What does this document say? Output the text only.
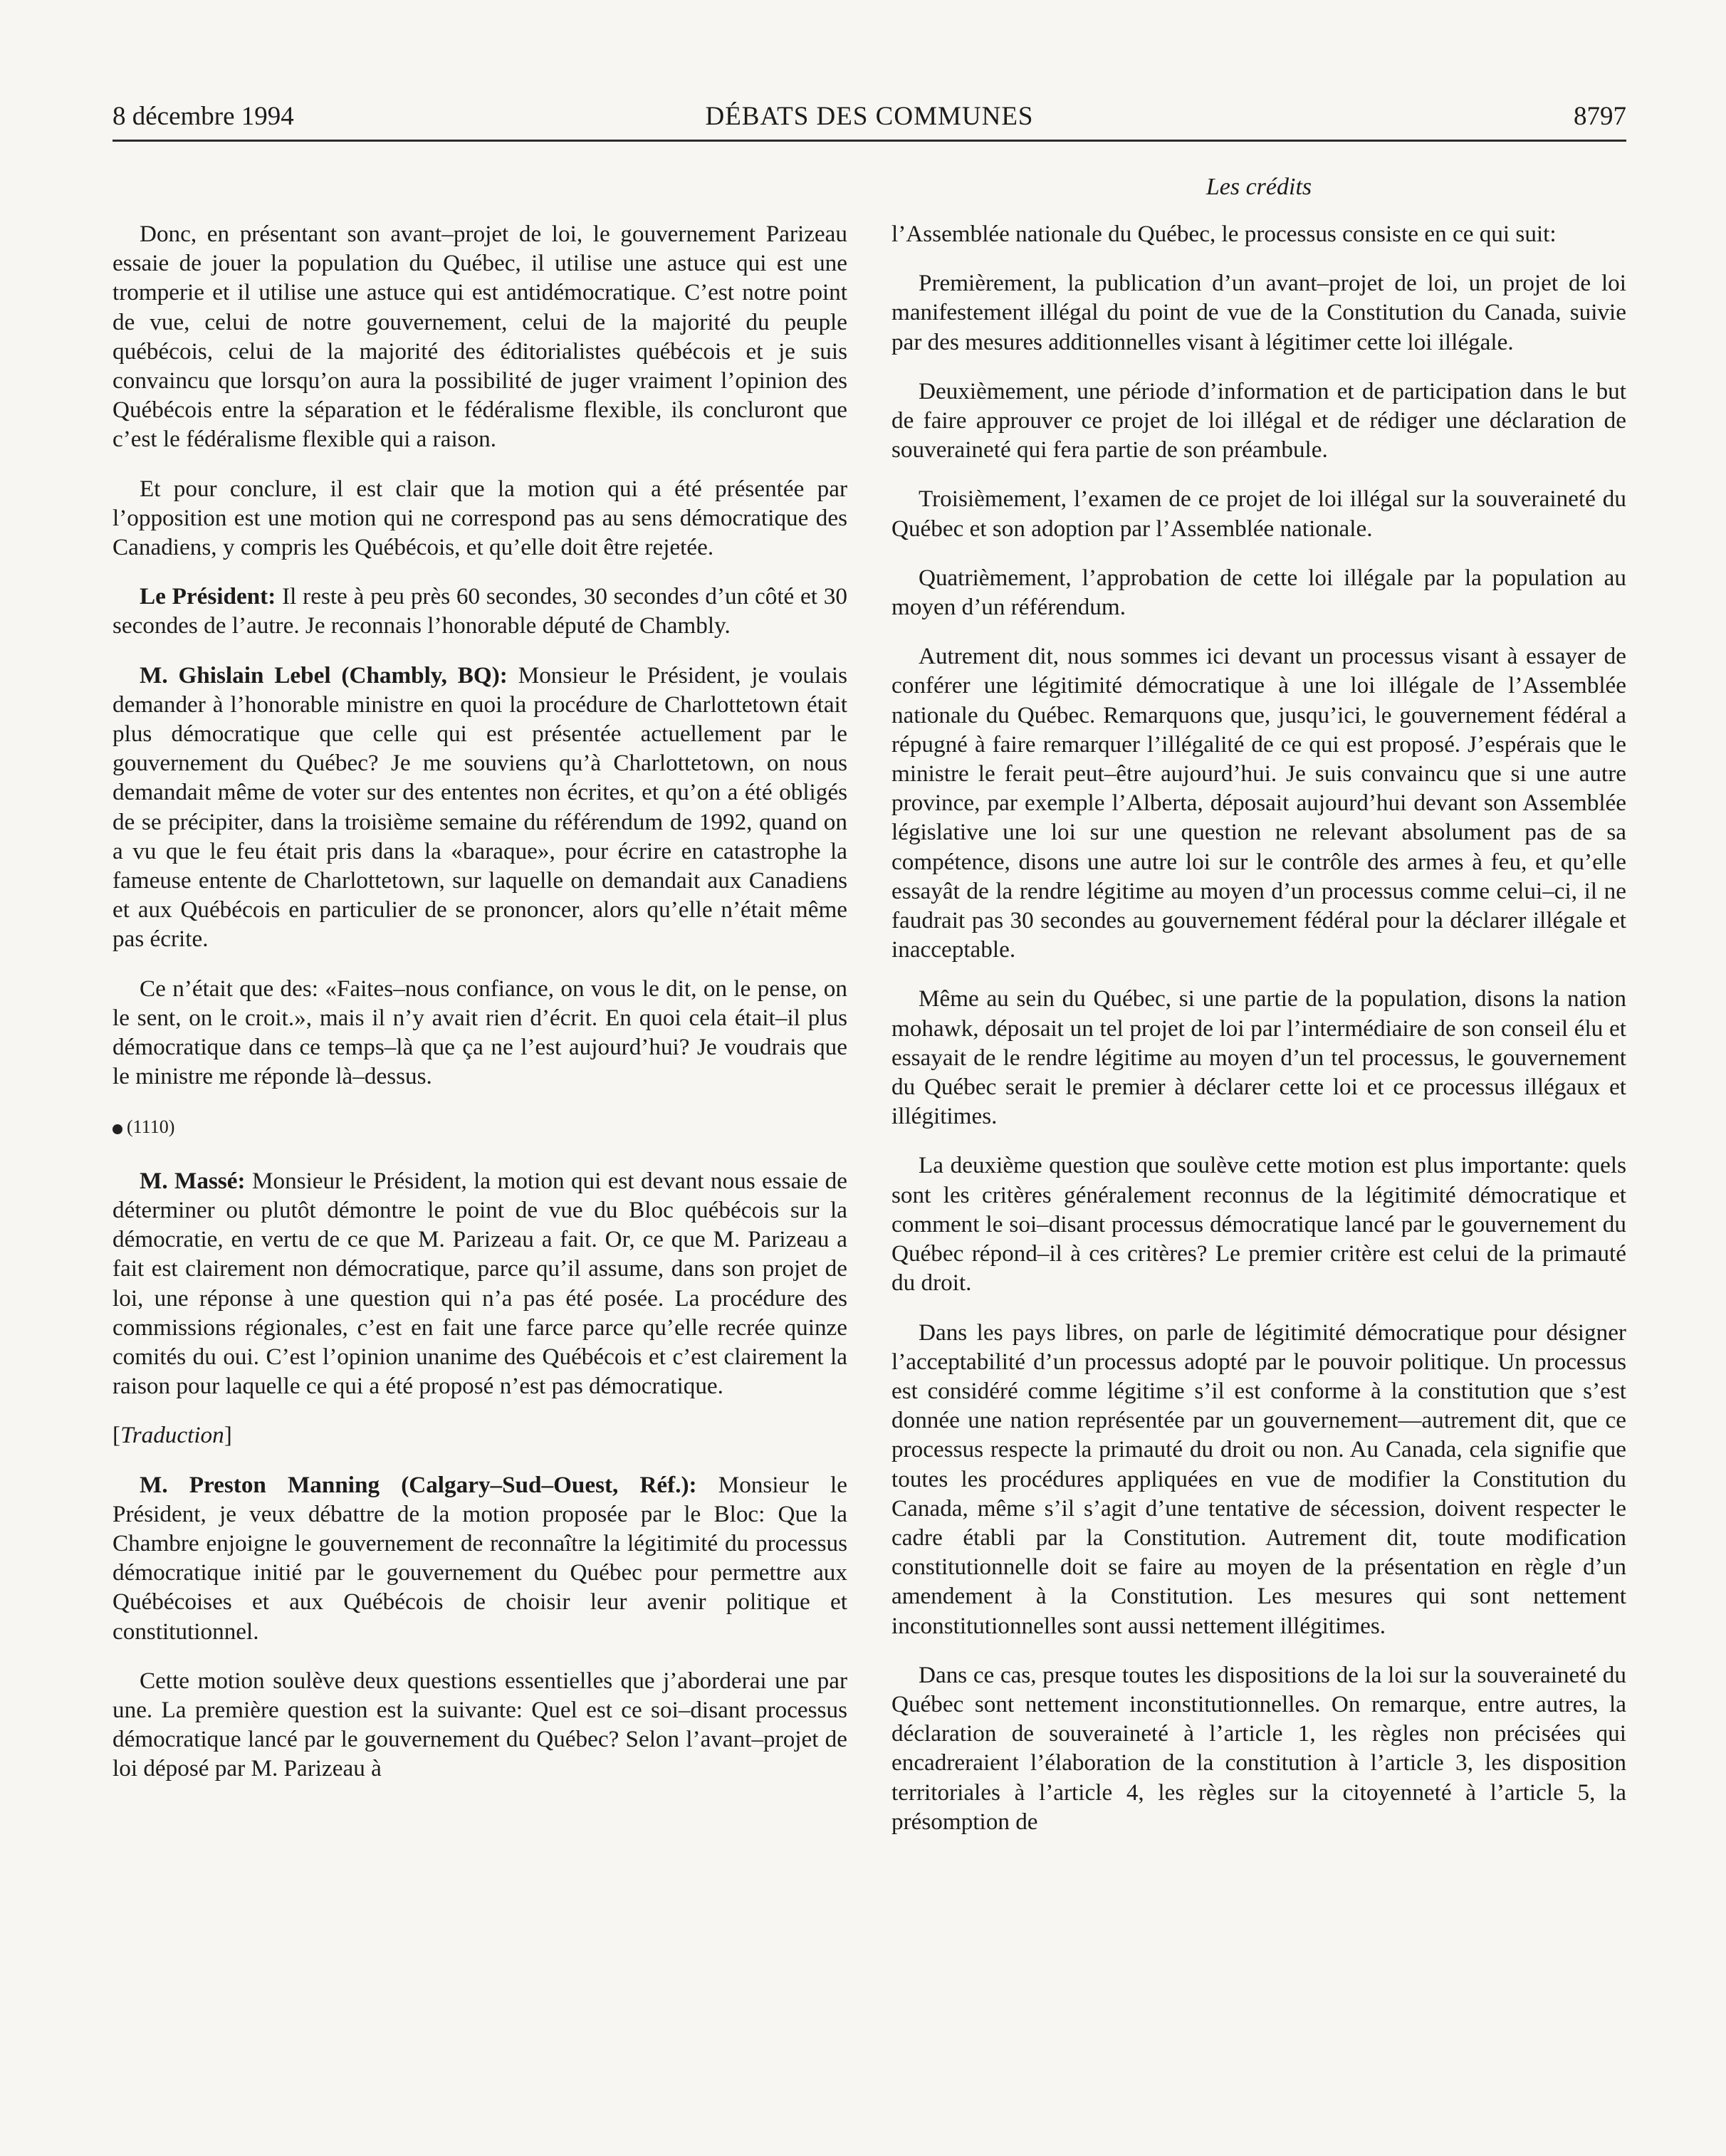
8 décembre 1994	DÉBATS DES COMMUNES	8797
Les crédits

Donc, en présentant son avant–projet de loi, le gouvernement Parizeau essaie de jouer la population du Québec, il utilise une astuce qui est une tromperie et il utilise une astuce qui est antidémocratique. C’est notre point de vue, celui de notre gouvernement, celui de la majorité du peuple québécois, celui de la majorité des éditorialistes québécois et je suis convaincu que lorsqu’on aura la possibilité de juger vraiment l’opinion des Québécois entre la séparation et le fédéralisme flexible, ils concluront que c’est le fédéralisme flexible qui a raison.

Et pour conclure, il est clair que la motion qui a été présentée par l’opposition est une motion qui ne correspond pas au sens démocratique des Canadiens, y compris les Québécois, et qu’elle doit être rejetée.

Le Président: Il reste à peu près 60 secondes, 30 secondes d’un côté et 30 secondes de l’autre. Je reconnais l’honorable député de Chambly.

M. Ghislain Lebel (Chambly, BQ): Monsieur le Président, je voulais demander à l’honorable ministre en quoi la procédure de Charlottetown était plus démocratique que celle qui est présentée actuellement par le gouvernement du Québec? Je me souviens qu’à Charlottetown, on nous demandait même de voter sur des ententes non écrites, et qu’on a été obligés de se précipiter, dans la troisième semaine du référendum de 1992, quand on a vu que le feu était pris dans la «baraque», pour écrire en catastrophe la fameuse entente de Charlottetown, sur laquelle on demandait aux Canadiens et aux Québécois en particulier de se prononcer, alors qu’elle n’était même pas écrite.

Ce n’était que des: «Faites–nous confiance, on vous le dit, on le pense, on le sent, on le croit.», mais il n’y avait rien d’écrit. En quoi cela était–il plus démocratique dans ce temps–là que ça ne l’est aujourd’hui? Je voudrais que le ministre me réponde là–dessus.

(1110)

M. Massé: Monsieur le Président, la motion qui est devant nous essaie de déterminer ou plutôt démontre le point de vue du Bloc québécois sur la démocratie, en vertu de ce que M. Parizeau a fait. Or, ce que M. Parizeau a fait est clairement non démocratique, parce qu’il assume, dans son projet de loi, une réponse à une question qui n’a pas été posée. La procédure des commissions régionales, c’est en fait une farce parce qu’elle recrée quinze comités du oui. C’est l’opinion unanime des Québécois et c’est clairement la raison pour laquelle ce qui a été proposé n’est pas démocratique.

[Traduction]

M. Preston Manning (Calgary–Sud–Ouest, Réf.): Monsieur le Président, je veux débattre de la motion proposée par le Bloc: Que la Chambre enjoigne le gouvernement de reconnaître la légitimité du processus démocratique initié par le gouvernement du Québec pour permettre aux Québécoises et aux Québécois de choisir leur avenir politique et constitutionnel.

Cette motion soulève deux questions essentielles que j’aborderai une par une. La première question est la suivante: Quel est ce soi–disant processus démocratique lancé par le gouvernement du Québec? Selon l’avant–projet de loi déposé par M. Parizeau à

l’Assemblée nationale du Québec, le processus consiste en ce qui suit:

Premièrement, la publication d’un avant–projet de loi, un projet de loi manifestement illégal du point de vue de la Constitution du Canada, suivie par des mesures additionnelles visant à légitimer cette loi illégale.

Deuxièmement, une période d’information et de participation dans le but de faire approuver ce projet de loi illégal et de rédiger une déclaration de souveraineté qui fera partie de son préambule.

Troisièmement, l’examen de ce projet de loi illégal sur la souveraineté du Québec et son adoption par l’Assemblée nationale.

Quatrièmement, l’approbation de cette loi illégale par la population au moyen d’un référendum.

Autrement dit, nous sommes ici devant un processus visant à essayer de conférer une légitimité démocratique à une loi illégale de l’Assemblée nationale du Québec. Remarquons que, jusqu’ici, le gouvernement fédéral a répugné à faire remarquer l’illégalité de ce qui est proposé. J’espérais que le ministre le ferait peut–être aujourd’hui. Je suis convaincu que si une autre province, par exemple l’Alberta, déposait aujourd’hui devant son Assemblée législative une loi sur une question ne relevant absolument pas de sa compétence, disons une autre loi sur le contrôle des armes à feu, et qu’elle essayât de la rendre légitime au moyen d’un processus comme celui–ci, il ne faudrait pas 30 secondes au gouvernement fédéral pour la déclarer illégale et inacceptable.

Même au sein du Québec, si une partie de la population, disons la nation mohawk, déposait un tel projet de loi par l’intermédiaire de son conseil élu et essayait de le rendre légitime au moyen d’un tel processus, le gouvernement du Québec serait le premier à déclarer cette loi et ce processus illégaux et illégitimes.

La deuxième question que soulève cette motion est plus importante: quels sont les critères généralement reconnus de la légitimité démocratique et comment le soi–disant processus démocratique lancé par le gouvernement du Québec répond–il à ces critères? Le premier critère est celui de la primauté du droit.

Dans les pays libres, on parle de légitimité démocratique pour désigner l’acceptabilité d’un processus adopté par le pouvoir politique. Un processus est considéré comme légitime s’il est conforme à la constitution que s’est donnée une nation représentée par un gouvernement—autrement dit, que ce processus respecte la primauté du droit ou non. Au Canada, cela signifie que toutes les procédures appliquées en vue de modifier la Constitution du Canada, même s’il s’agit d’une tentative de sécession, doivent respecter le cadre établi par la Constitution. Autrement dit, toute modification constitutionnelle doit se faire au moyen de la présentation en règle d’un amendement à la Constitution. Les mesures qui sont nettement inconstitutionnelles sont aussi nettement illégitimes.

Dans ce cas, presque toutes les dispositions de la loi sur la souveraineté du Québec sont nettement inconstitutionnelles. On remarque, entre autres, la déclaration de souveraineté à l’article 1, les règles non précisées qui encadreraient l’élaboration de la constitution à l’article 3, les disposition territoriales à l’article 4, les règles sur la citoyenneté à l’article 5, la présomption de
